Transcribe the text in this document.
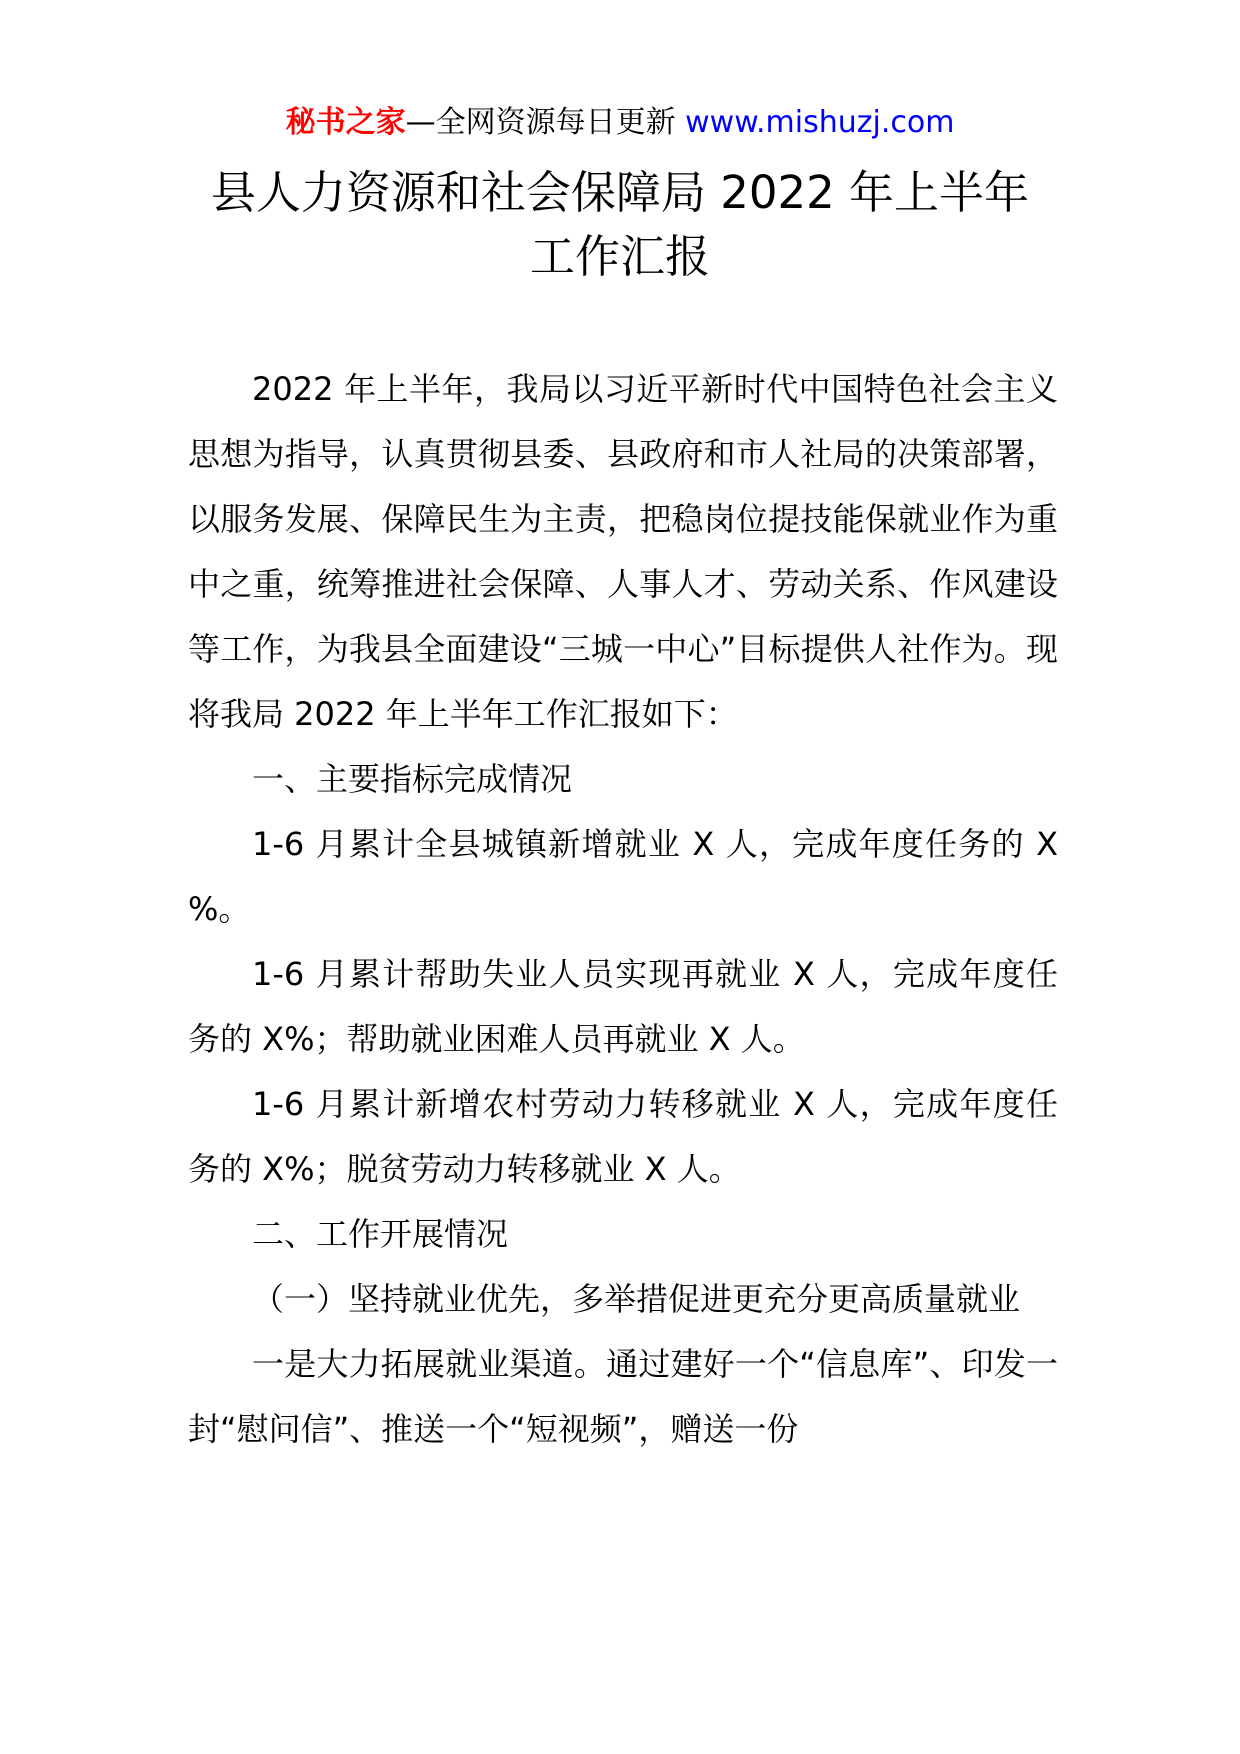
秘书之家—全网资源每日更新 www.mishuzj.com
县人力资源和社会保障局 2022 年上半年
工作汇报

2022 年上半年，我局以习近平新时代中国特色社会主义思想为指导，认真贯彻县委、县政府和市人社局的决策部署，以服务发展、保障民生为主责，把稳岗位提技能保就业作为重中之重，统筹推进社会保障、人事人才、劳动关系、作风建设等工作，为我县全面建设“三城一中心”目标提供人社作为。现将我局 2022 年上半年工作汇报如下：

一、主要指标完成情况

1-6 月累计全县城镇新增就业 X 人，完成年度任务的 X %。

1-6 月累计帮助失业人员实现再就业 X 人，完成年度任务的 X%；帮助就业困难人员再就业 X 人。

1-6 月累计新增农村劳动力转移就业 X 人，完成年度任务的 X%；脱贫劳动力转移就业 X 人。

二、工作开展情况

（一）坚持就业优先，多举措促进更充分更高质量就业

一是大力拓展就业渠道。通过建好一个“信息库”、印发一封“慰问信”、推送一个“短视频”，赠送一份
